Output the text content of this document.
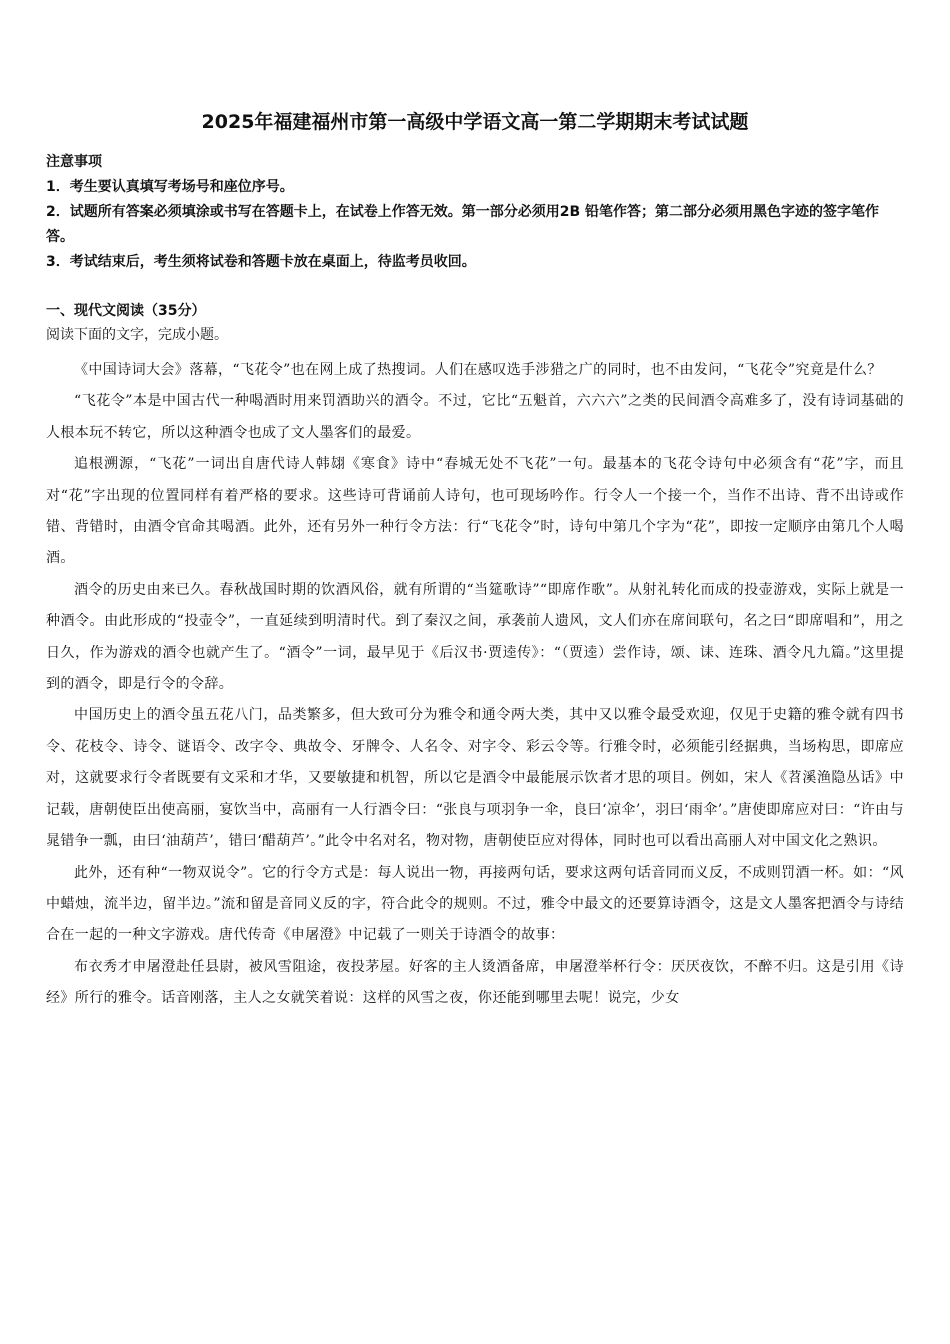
2025年福建福州市第一高级中学语文高一第二学期期末考试试题
注意事项
1．考生要认真填写考场号和座位序号。
2．试题所有答案必须填涂或书写在答题卡上，在试卷上作答无效。第一部分必须用2B 铅笔作答；第二部分必须用黑色字迹的签字笔作答。
3．考试结束后，考生须将试卷和答题卡放在桌面上，待监考员收回。
一、现代文阅读（35分）
阅读下面的文字，完成小题。

《中国诗词大会》落幕，“飞花令”也在网上成了热搜词。人们在感叹选手涉猎之广的同时，也不由发问，“飞花令”究竟是什么？

“飞花令”本是中国古代一种喝酒时用来罚酒助兴的酒令。不过，它比“五魁首，六六六”之类的民间酒令高难多了，没有诗词基础的人根本玩不转它，所以这种酒令也成了文人墨客们的最爱。

追根溯源，“飞花”一词出自唐代诗人韩翃《寒食》诗中“春城无处不飞花”一句。最基本的飞花令诗句中必须含有“花”字，而且对“花”字出现的位置同样有着严格的要求。这些诗可背诵前人诗句，也可现场吟作。行令人一个接一个，当作不出诗、背不出诗或作错、背错时，由酒令官命其喝酒。此外，还有另外一种行令方法：行“飞花令”时，诗句中第几个字为“花”，即按一定顺序由第几个人喝酒。

酒令的历史由来已久。春秋战国时期的饮酒风俗，就有所谓的“当筵歌诗”“即席作歌”。从射礼转化而成的投壶游戏，实际上就是一种酒令。由此形成的“投壶令”，一直延续到明清时代。到了秦汉之间，承袭前人遗风，文人们亦在席间联句，名之曰“即席唱和”，用之日久，作为游戏的酒令也就产生了。“酒令”一词，最早见于《后汉书·贾逵传》：“（贾逵）尝作诗，颂、诔、连珠、酒令凡九篇。”这里提到的酒令，即是行令的令辞。

中国历史上的酒令虽五花八门，品类繁多，但大致可分为雅令和通令两大类，其中又以雅令最受欢迎，仅见于史籍的雅令就有四书令、花枝令、诗令、谜语令、改字令、典故令、牙牌令、人名令、对字令、彩云令等。行雅令时，必须能引经据典，当场构思，即席应对，这就要求行令者既要有文采和才华，又要敏捷和机智，所以它是酒令中最能展示饮者才思的项目。例如，宋人《苕溪渔隐丛话》中记载，唐朝使臣出使高丽，宴饮当中，高丽有一人行酒令曰：“张良与项羽争一伞，良曰‘凉伞’，羽曰‘雨伞’。”唐使即席应对曰：“许由与晁错争一瓢，由曰‘油葫芦’，错曰‘醋葫芦’。”此令中名对名，物对物，唐朝使臣应对得体，同时也可以看出高丽人对中国文化之熟识。

此外，还有种“一物双说令”。它的行令方式是：每人说出一物，再接两句话，要求这两句话音同而义反，不成则罚酒一杯。如：“风中蜡烛，流半边，留半边。”流和留是音同义反的字，符合此令的规则。不过，雅令中最文的还要算诗酒令，这是文人墨客把酒令与诗结合在一起的一种文字游戏。唐代传奇《申屠澄》中记载了一则关于诗酒令的故事：

布衣秀才申屠澄赴任县尉，被风雪阻途，夜投茅屋。好客的主人烫酒备席，申屠澄举杯行令：厌厌夜饮，不醉不归。这是引用《诗经》所行的雅令。话音刚落，主人之女就笑着说：这样的风雪之夜，你还能到哪里去呢！说完，少女
